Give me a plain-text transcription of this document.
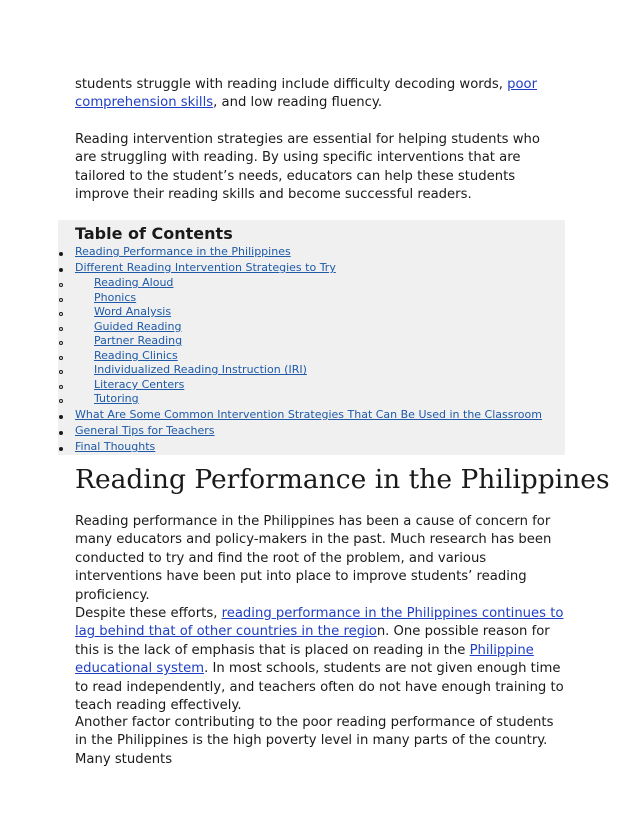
students struggle with reading include difficulty decoding words, poor comprehension skills, and low reading fluency.

Reading intervention strategies are essential for helping students who are struggling with reading. By using specific interventions that are tailored to the student’s needs, educators can help these students improve their reading skills and become successful readers.

Table of Contents
Reading Performance in the Philippines
Different Reading Intervention Strategies to Try
Reading Aloud
Phonics
Word Analysis
Guided Reading
Partner Reading
Reading Clinics
Individualized Reading Instruction (IRI)
Literacy Centers
Tutoring
What Are Some Common Intervention Strategies That Can Be Used in the Classroom
General Tips for Teachers
Final Thoughts
Reading Performance in the Philippines

Reading performance in the Philippines has been a cause of concern for many educators and policy-makers in the past. Much research has been conducted to try and find the root of the problem, and various interventions have been put into place to improve students’ reading proficiency.

Despite these efforts, reading performance in the Philippines continues to lag behind that of other countries in the region. One possible reason for this is the lack of emphasis that is placed on reading in the Philippine educational system. In most schools, students are not given enough time to read independently, and teachers often do not have enough training to teach reading effectively.

Another factor contributing to the poor reading performance of students in the Philippines is the high poverty level in many parts of the country. Many students
